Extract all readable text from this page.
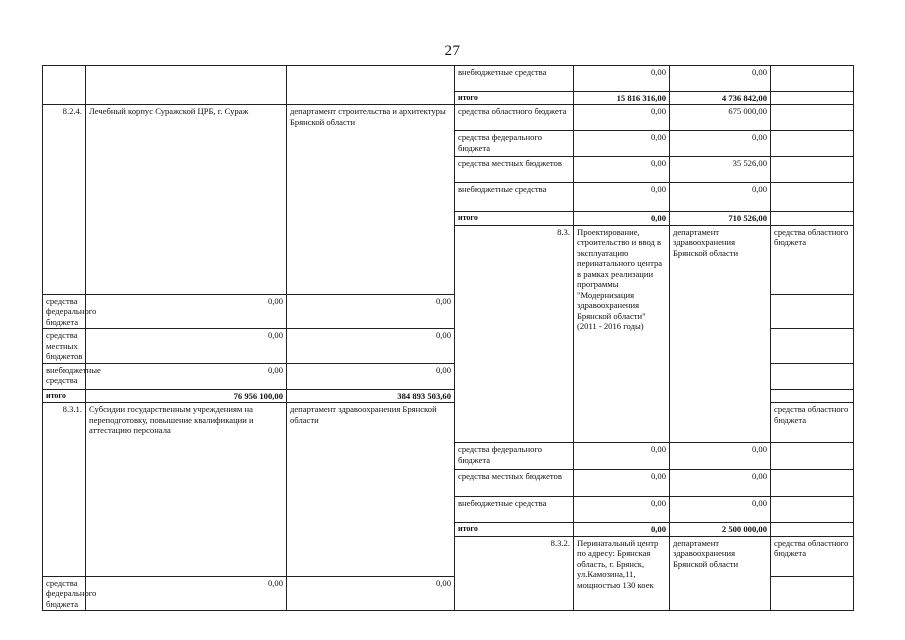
27
			внебюджетные средства	0,00	0,00		
			итого	15 816 316,00	4 736 842,00		
8.2.4.	Лечебный корпус Суражской ЦРБ, г. Сураж	департамент строительства и архитектуры Брянской области	средства областного бюджета	0,00	675 000,00		
			средства федерального бюджета	0,00	0,00		
			средства местных бюджетов	0,00	35 526,00		
			внебюджетные средства	0,00	0,00		
			итого	0,00	710 526,00		
			8.3.	Проектирование, строительство и ввод в эксплуатацию перинатального центра в рамках реализации программы "Модернизация здравоохранения Брянской области" (2011 - 2016 годы)	департамент здравоохранения Брянской области	средства областного бюджета			
средства федерального бюджета	0,00	0,00					
средства местных бюджетов	0,00	0,00					
внебюджетные средства	0,00	0,00					
итого	76 956 100,00	384 893 503,60					
8.3.1.	Субсидии государственным учреждениям на переподготовку, повышение квалификации и аттестацию персонала	департамент здравоохранения Брянской области				средства областного бюджета			
			средства федерального бюджета	0,00	0,00		
			средства местных бюджетов	0,00	0,00		
			внебюджетные средства	0,00	0,00		
			итого	0,00	2 500 000,00		
			8.3.2.	Перинатальный центр по адресу: Брянская область, г. Брянск, ул.Камозина,11, мощностью 130 коек	департамент здравоохранения Брянской области	средства областного бюджета			
средства федерального бюджета	0,00	0,00					
